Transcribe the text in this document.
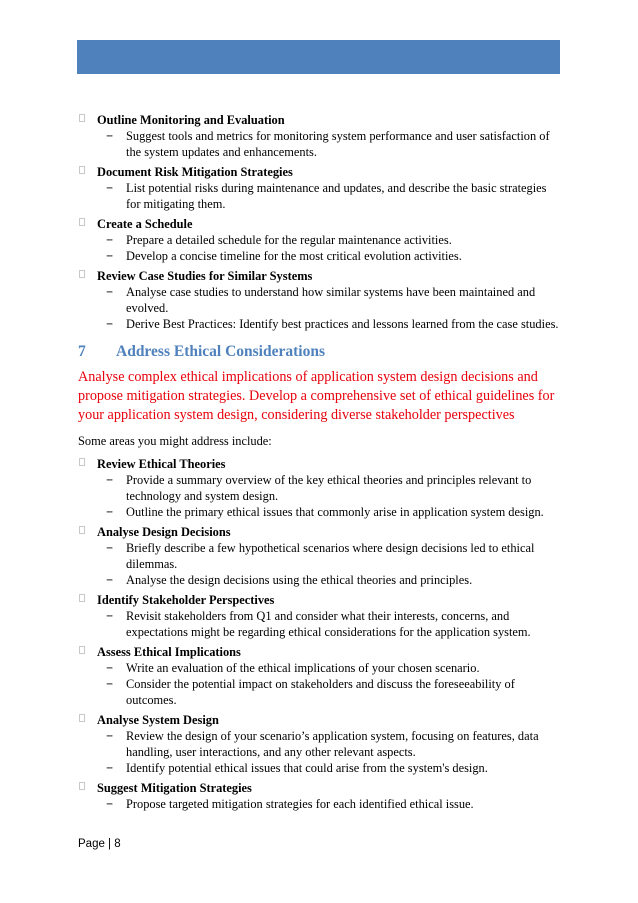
Outline Monitoring and Evaluation
− Suggest tools and metrics for monitoring system performance and user satisfaction of the system updates and enhancements.
Document Risk Mitigation Strategies
− List potential risks during maintenance and updates, and describe the basic strategies for mitigating them.
Create a Schedule
− Prepare a detailed schedule for the regular maintenance activities.
− Develop a concise timeline for the most critical evolution activities.
Review Case Studies for Similar Systems
− Analyse case studies to understand how similar systems have been maintained and evolved.
− Derive Best Practices: Identify best practices and lessons learned from the case studies.
7 Address Ethical Considerations
Analyse complex ethical implications of application system design decisions and propose mitigation strategies. Develop a comprehensive set of ethical guidelines for your application system design, considering diverse stakeholder perspectives
Some areas you might address include:
Review Ethical Theories
− Provide a summary overview of the key ethical theories and principles relevant to technology and system design.
− Outline the primary ethical issues that commonly arise in application system design.
Analyse Design Decisions
− Briefly describe a few hypothetical scenarios where design decisions led to ethical dilemmas.
− Analyse the design decisions using the ethical theories and principles.
Identify Stakeholder Perspectives
− Revisit stakeholders from Q1 and consider what their interests, concerns, and expectations might be regarding ethical considerations for the application system.
Assess Ethical Implications
− Write an evaluation of the ethical implications of your chosen scenario.
− Consider the potential impact on stakeholders and discuss the foreseeability of outcomes.
Analyse System Design
− Review the design of your scenario’s application system, focusing on features, data handling, user interactions, and any other relevant aspects.
− Identify potential ethical issues that could arise from the system's design.
Suggest Mitigation Strategies
− Propose targeted mitigation strategies for each identified ethical issue.
Page | 8
